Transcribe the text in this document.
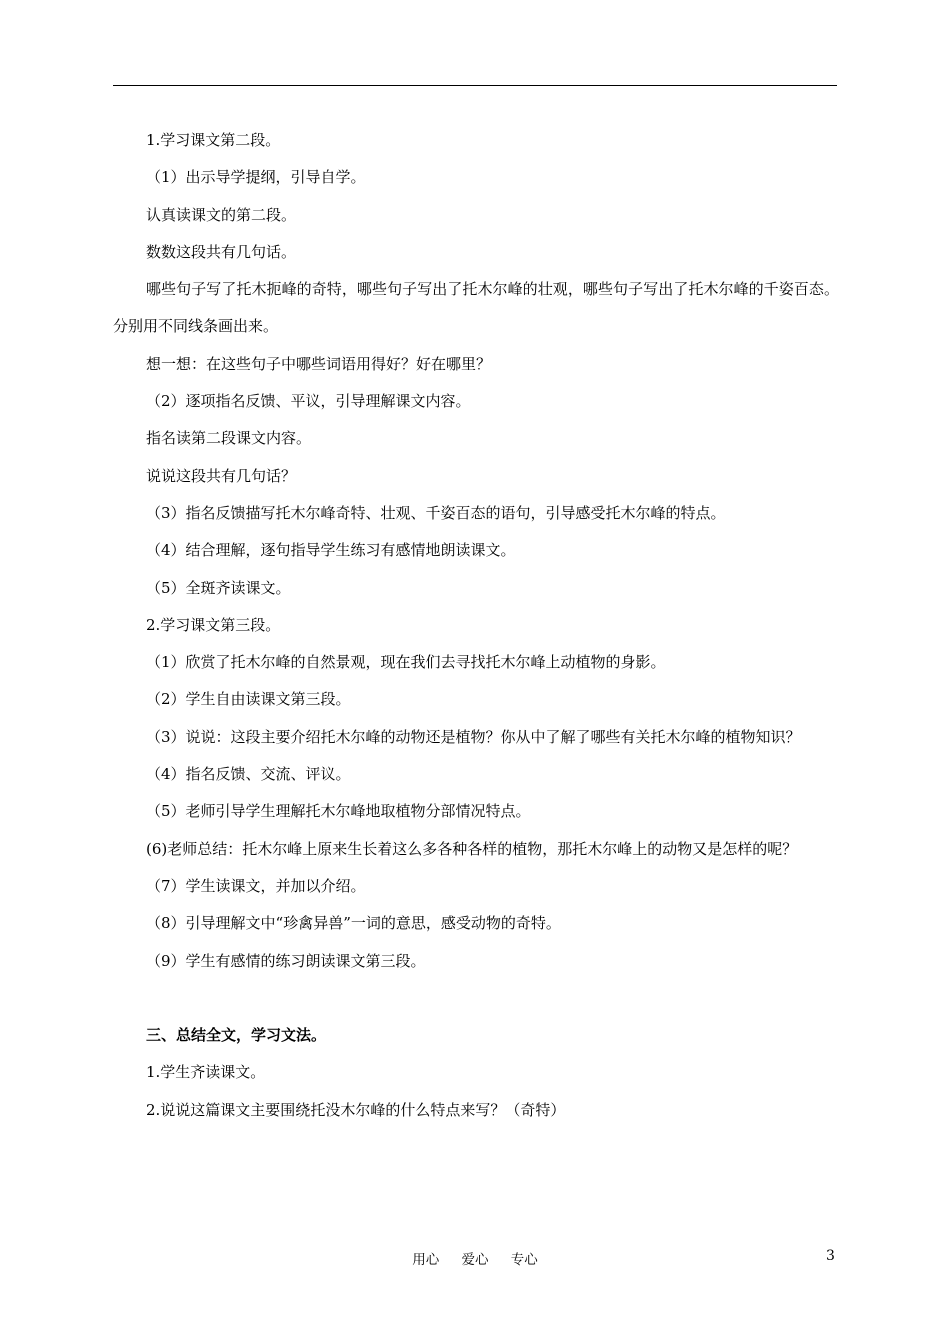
1.学习课文第二段。

（1）出示导学提纲，引导自学。

认真读课文的第二段。

数数这段共有几句话。

哪些句子写了托木扼峰的奇特，哪些句子写出了托木尔峰的壮观，哪些句子写出了托木尔峰的千姿百态。分别用不同线条画出来。

想一想：在这些句子中哪些词语用得好？好在哪里？

（2）逐项指名反馈、平议，引导理解课文内容。

指名读第二段课文内容。

说说这段共有几句话？

（3）指名反馈描写托木尔峰奇特、壮观、千姿百态的语句，引导感受托木尔峰的特点。

（4）结合理解，逐句指导学生练习有感情地朗读课文。

（5）全斑齐读课文。

2.学习课文第三段。

（1）欣赏了托木尔峰的自然景观，现在我们去寻找托木尔峰上动植物的身影。

（2）学生自由读课文第三段。

（3）说说：这段主要介绍托木尔峰的动物还是植物？你从中了解了哪些有关托木尔峰的植物知识？

（4）指名反馈、交流、评议。

（5）老师引导学生理解托木尔峰地取植物分部情况特点。

(6)老师总结：托木尔峰上原来生长着这么多各种各样的植物，那托木尔峰上的动物又是怎样的呢？

（7）学生读课文，并加以介绍。

（8）引导理解文中“珍禽异兽”一词的意思，感受动物的奇特。

（9）学生有感情的练习朗读课文第三段。

三、总结全文，学习文法。

1.学生齐读课文。

2.说说这篇课文主要围绕托没木尔峰的什么特点来写？（奇特）

用心 爱心 专心	3
